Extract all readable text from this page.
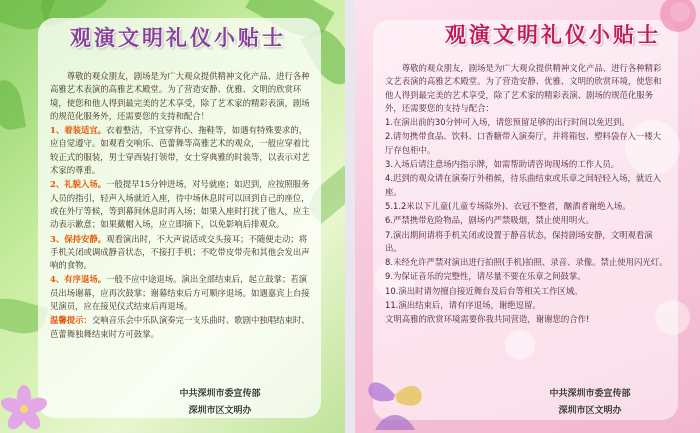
观演文明礼仪小贴士

尊敬的观众朋友，剧场是为广大观众提供精神文化产品、进行各种高雅艺术表演的高雅艺术殿堂。为了营造安静、优雅、文明的欣赏环境，使您和他人得到最完美的艺术享受，除了艺术家的精彩表演，剧场的规范化服务外，还需要您的支持和配合！

1、着装适宜。衣着整洁，不宜穿背心、拖鞋等，如遇有特殊要求的，应自觉遵守。如观看交响乐、芭蕾舞等高雅艺术的观众，一般应穿着比较正式的服装，男士穿西装打领带，女士穿典雅的时装等，以表示对艺术家的尊重。

2、礼貌入场。一般提早15分钟进场，对号就座；如迟到，应按照服务人员的指引，轻声入场就近入座，待中场休息时可以回到自己的座位，或在外厅等候，等到幕间休息时再入场；如果入座时打扰了他人，应主动表示歉意；如果戴帽入场，应立即摘下，以免影响后排观众。

3、保持安静。观看演出时，不大声说话或交头接耳；不随便走动；将手机关闭或调成静音状态，不接打手机；不吃带皮带壳和其他会发出声响的食物。

4、有序退场。一般不应中途退场。演出全部结束后，起立鼓掌；若演员出场谢幕，应再次鼓掌；谢幕结束后方可顺序退场。如遇嘉宾上台接见演员，应在接见仪式结束后再退场。

温馨提示：交响音乐会中乐队演奏完一支乐曲时、歌剧中独唱结束时、芭蕾舞独舞结束时方可鼓掌。

中共深圳市委宣传部
深圳市区文明办
观演文明礼仪小贴士

尊敬的观众朋友，剧场是为广大观众提供精神文化产品、进行各种精彩文艺表演的高雅艺术殿堂。为了营造安静、优雅、文明的欣赏环境，使您和他人得到最完美的艺术享受，除了艺术家的精彩表演、剧场的规范化服务外，还需要您的支持与配合：

1.在演出前的30分钟可入场，请您预留足够的出行时间以免迟到。

2.请勿携带食品、饮料、口香糖带入演奏厅，并将箱包、塑料袋存入一楼大厅存包柜中。

3.入场后请注意场内指示牌，如需帮助请咨询现场的工作人员。

4.迟到的观众请在演奏厅外稍候，待乐曲结束或乐章之间轻轻入场，就近入座。

5.1.2米以下儿童(儿童专场除外)、衣冠不整者，酗酒者谢绝入场。

6.严禁携带危险物品，剧场内严禁吸烟，禁止使用明火。

7.演出期间请将手机关闭或设置于静音状态，保持剧场安静，文明观看演出。

8.未经允许严禁对演出进行拍照(手机)拍照、录音、录像。禁止使用闪光灯。

9.为保证音乐的完整性，请尽量不要在乐章之间鼓掌。

10.演出时请勿擅自接近舞台及后台等相关工作区域。

11.演出结束后，请有序退场，谢绝逗留。

文明高雅的欣赏环境需要你我共同营造，谢谢您的合作!

中共深圳市委宣传部
深圳市区文明办
